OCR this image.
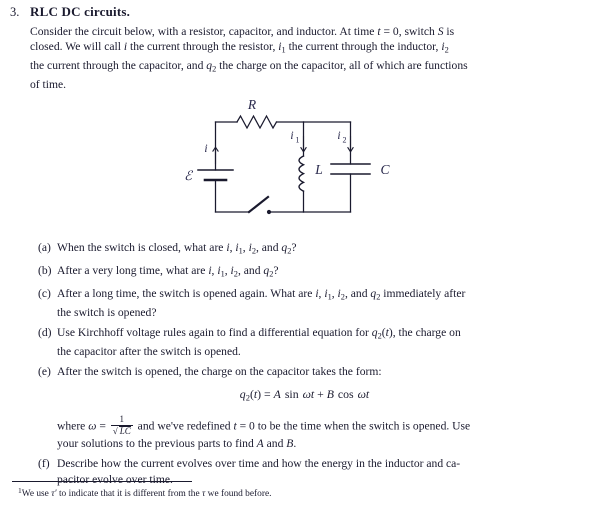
3. RLC DC circuits.
Consider the circuit below, with a resistor, capacitor, and inductor. At time t = 0, switch S is
closed. We will call i the current through the resistor, $i_1$ the current through the inductor, $i_2$
the current through the capacitor, and $q_2$ the charge on the capacitor, all of which are functions
of time.
R
L	C
ℰ
i
i 1	i 2
(a) When the switch is closed, what are i, $i_1$, $i_2$, and $q_2$?
(b) After a very long time, what are i, $i_1$, $i_2$, and $q_2$?
(c) After a long time, the switch is opened again. What are i, $i_1$, $i_2$, and $q_2$ immediately after
the switch is opened?
(d) Use Kirchhoff voltage rules again to find a differential equation for $q_2(t)$, the charge on
the capacitor after the switch is opened.
(e) After the switch is opened, the charge on the capacitor takes the form:
$q_2(t) = A$ sin ωt + B cos ωt
where $\omega = \frac{1}{√ LC}$ and we've redefined t = 0 to be the time when the switch is opened. Use
your solutions to the previous parts to find A and B.
(f) Describe how the current evolves over time and how the energy in the inductor and ca-
pacitor evolve over time.
$^1$We use τ′ to indicate that it is different from the τ we found before.
